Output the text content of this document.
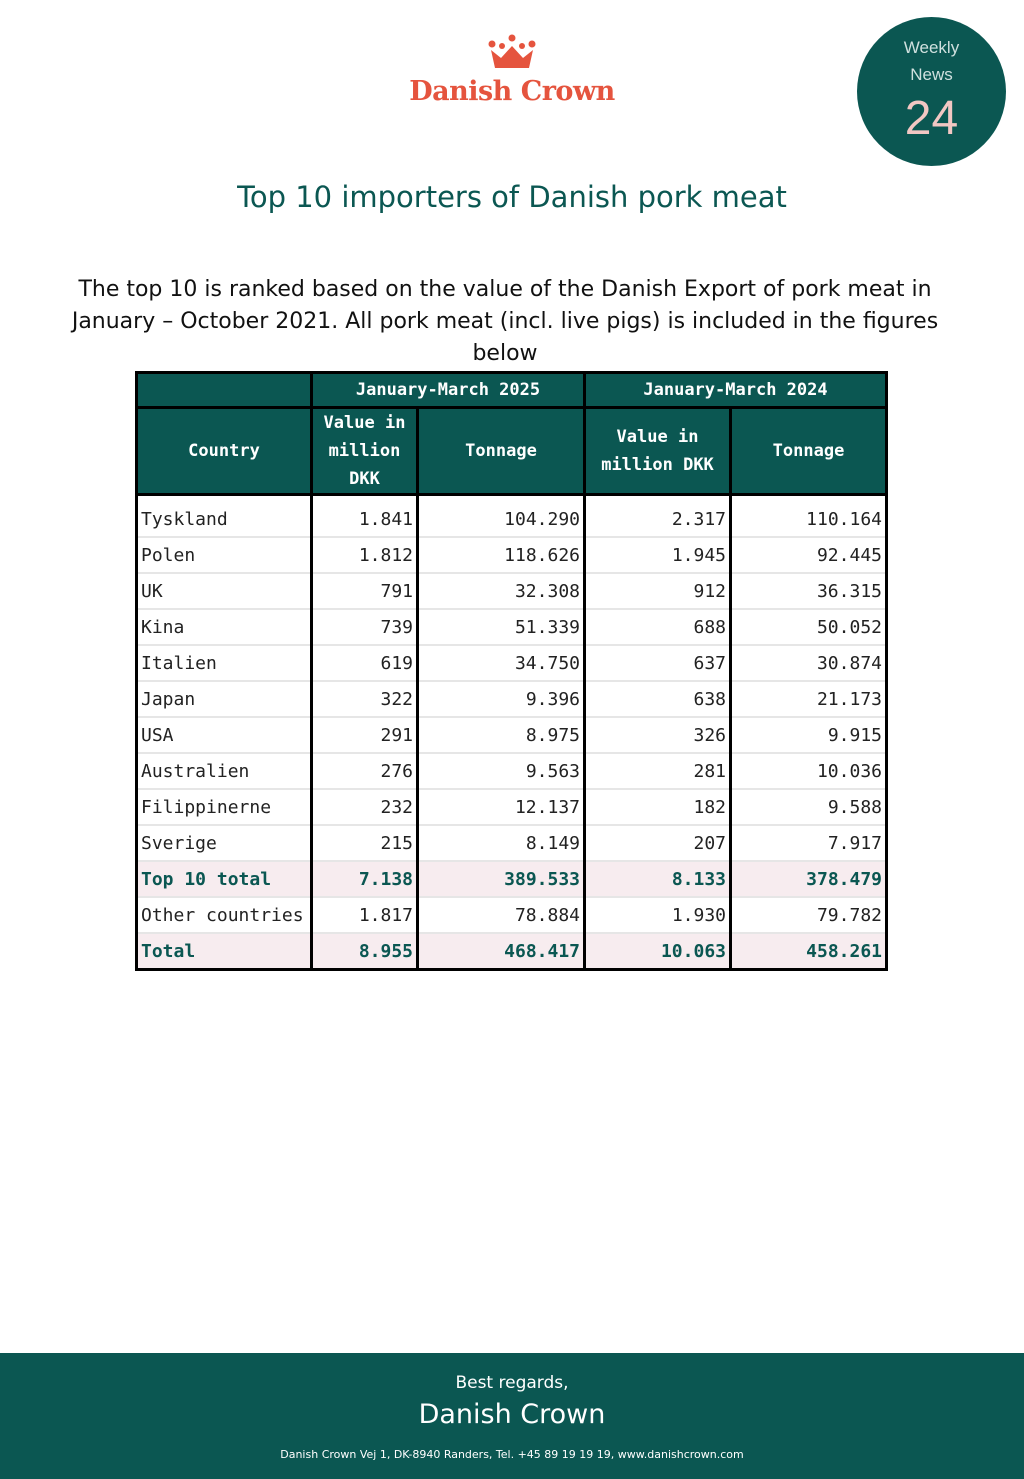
Danish Crown
Weekly
News
24
Top 10 importers of Danish pork meat
The top 10 is ranked based on the value of the Danish Export of pork meat in January – October 2021. All pork meat (incl. live pigs) is included in the figures below
	January-March 2025		January-March 2024	
Country	Value in million DKK	Tonnage	Value in million DKK	Tonnage

Tyskland	1.841	104.290	2.317	110.164
Polen	1.812	118.626	1.945	92.445
UK	791	32.308	912	36.315
Kina	739	51.339	688	50.052
Italien	619	34.750	637	30.874
Japan	322	9.396	638	21.173
USA	291	8.975	326	9.915
Australien	276	9.563	281	10.036
Filippinerne	232	12.137	182	9.588
Sverige	215	8.149	207	7.917
Top 10 total	7.138	389.533	8.133	378.479
Other countries	1.817	78.884	1.930	79.782
Total	8.955	468.417	10.063	458.261
Best regards,
Danish Crown
Danish Crown Vej 1, DK-8940 Randers, Tel. +45 89 19 19 19, www.danishcrown.com
